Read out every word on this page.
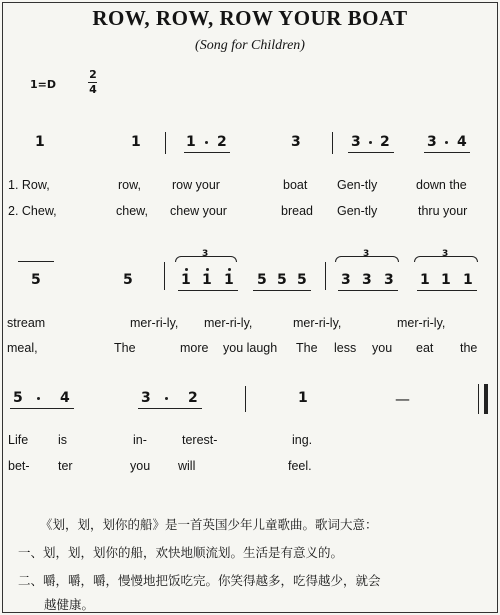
ROW, ROW, ROW YOUR BOAT
(Song for Children)
1=D
2
4
1	1	1 2	3	3 2	3 4
1. Row,	row, row your	boat Gen-tly	down the
2. Chew,	chew, chew your	bread Gen-tly	thru your
5	5
3
1 1 1 5 5 5
3
3 3 3
3
1 1 1
stream	mer-ri-ly, mer-ri-ly,	mer-ri-ly,	mer-ri-ly,
meal,	The	more you laugh The less you eat the
5	4	3	2	1	—
Life is	in-	terest-	ing.
bet- ter	you will	feel.
《划，划，划你的船》是一首英国少年儿童歌曲。歌词大意：
一、划，划，划你的船，欢快地顺流划。生活是有意义的。
二、嚼，嚼，嚼，慢慢地把饭吃完。你笑得越多，吃得越少，就会
越健康。
